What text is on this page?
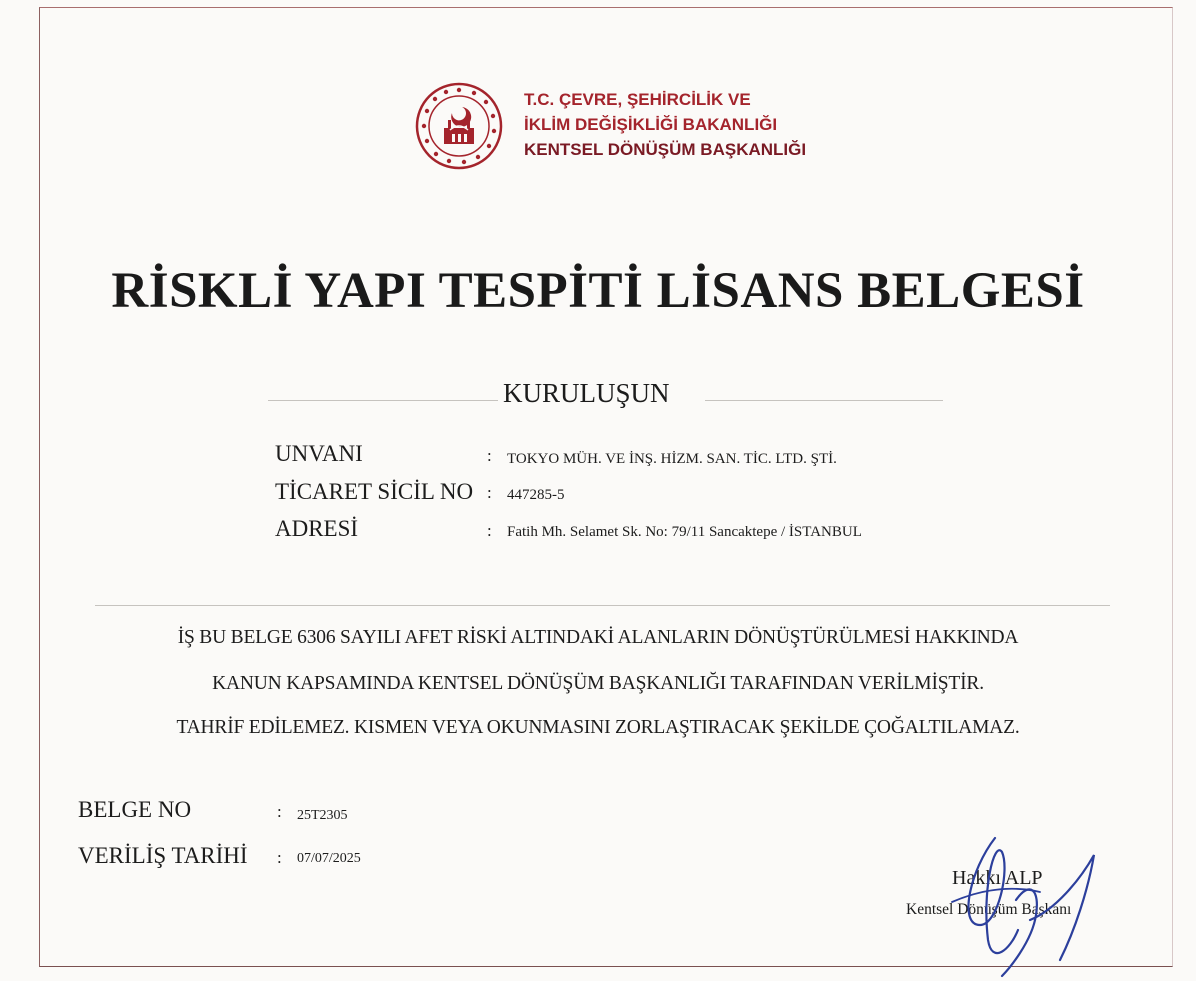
T.C. ÇEVRE, ŞEHİRCİLİK VE
İKLİM DEĞİŞİKLİĞİ BAKANLIĞI
KENTSEL DÖNÜŞÜM BAŞKANLIĞI
RİSKLİ YAPI TESPİTİ LİSANS BELGESİ
KURULUŞUN
UNVANI	: TOKYO MÜH. VE İNŞ. HİZM. SAN. TİC. LTD. ŞTİ.
TİCARET SİCİL NO : 447285-5
ADRESİ	: Fatih Mh. Selamet Sk. No: 79/11 Sancaktepe / İSTANBUL
İŞ BU BELGE 6306 SAYILI AFET RİSKİ ALTINDAKİ ALANLARIN DÖNÜŞTÜRÜLMESİ HAKKINDA
KANUN KAPSAMINDA KENTSEL DÖNÜŞÜM BAŞKANLIĞI TARAFINDAN VERİLMİŞTİR.
TAHRİF EDİLEMEZ. KISMEN VEYA OKUNMASINI ZORLAŞTIRACAK ŞEKİLDE ÇOĞALTILAMAZ.
BELGE NO	: 25T2305
VERİLİŞ TARİHİ : 07/07/2025
Hakkı ALP
Kentsel Dönüşüm Başkanı
